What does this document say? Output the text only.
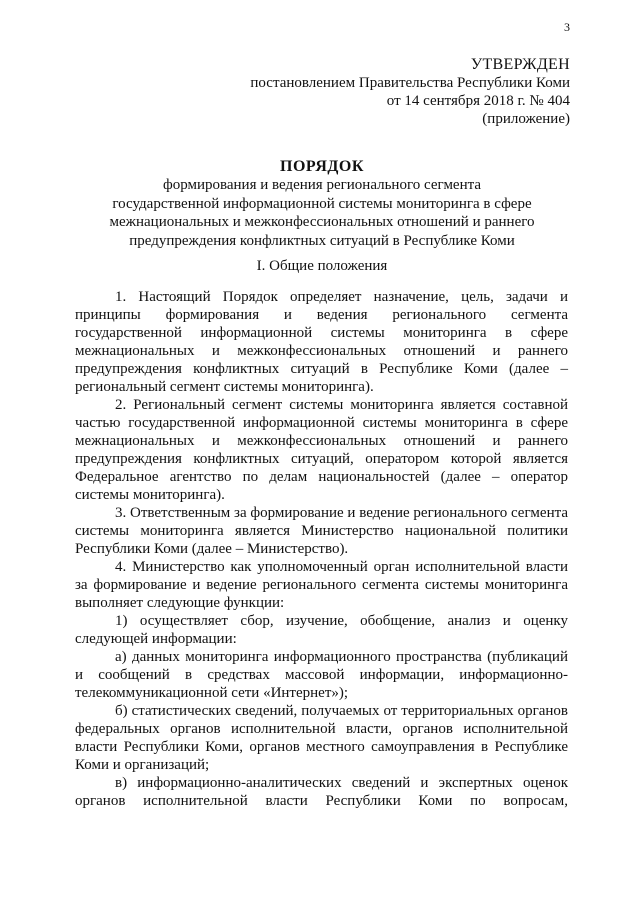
3
УТВЕРЖДЕН
постановлением Правительства Республики Коми
от 14 сентября 2018 г. № 404
(приложение)
ПОРЯДОК
формирования и ведения регионального сегмента
государственной информационной системы мониторинга в сфере
межнациональных и межконфессиональных отношений и раннего
предупреждения конфликтных ситуаций в Республике Коми
I. Общие положения

1. Настоящий Порядок определяет назначение, цель, задачи и принципы формирования и ведения регионального сегмента государственной информационной системы мониторинга в сфере межнациональных и межконфессиональных отношений и раннего предупреждения конфликтных ситуаций в Республике Коми (далее – региональный сегмент системы мониторинга).

2. Региональный сегмент системы мониторинга является составной частью государственной информационной системы мониторинга в сфере межнациональных и межконфессиональных отношений и раннего предупреждения конфликтных ситуаций, оператором которой является Федеральное агентство по делам национальностей (далее – оператор системы мониторинга).

3. Ответственным за формирование и ведение регионального сегмента системы мониторинга является Министерство национальной политики Республики Коми (далее – Министерство).

4. Министерство как уполномоченный орган исполнительной власти за формирование и ведение регионального сегмента системы мониторинга выполняет следующие функции:

1) осуществляет сбор, изучение, обобщение, анализ и оценку следующей информации:

а) данных мониторинга информационного пространства (публикаций и сообщений в средствах массовой информации, информационно-телекоммуникационной сети «Интернет»);

б) статистических сведений, получаемых от территориальных органов федеральных органов исполнительной власти, органов исполнительной власти Республики Коми, органов местного самоуправления в Республике Коми и организаций;

в) информационно-аналитических сведений и экспертных оценок органов исполнительной власти Республики Коми по вопросам,
